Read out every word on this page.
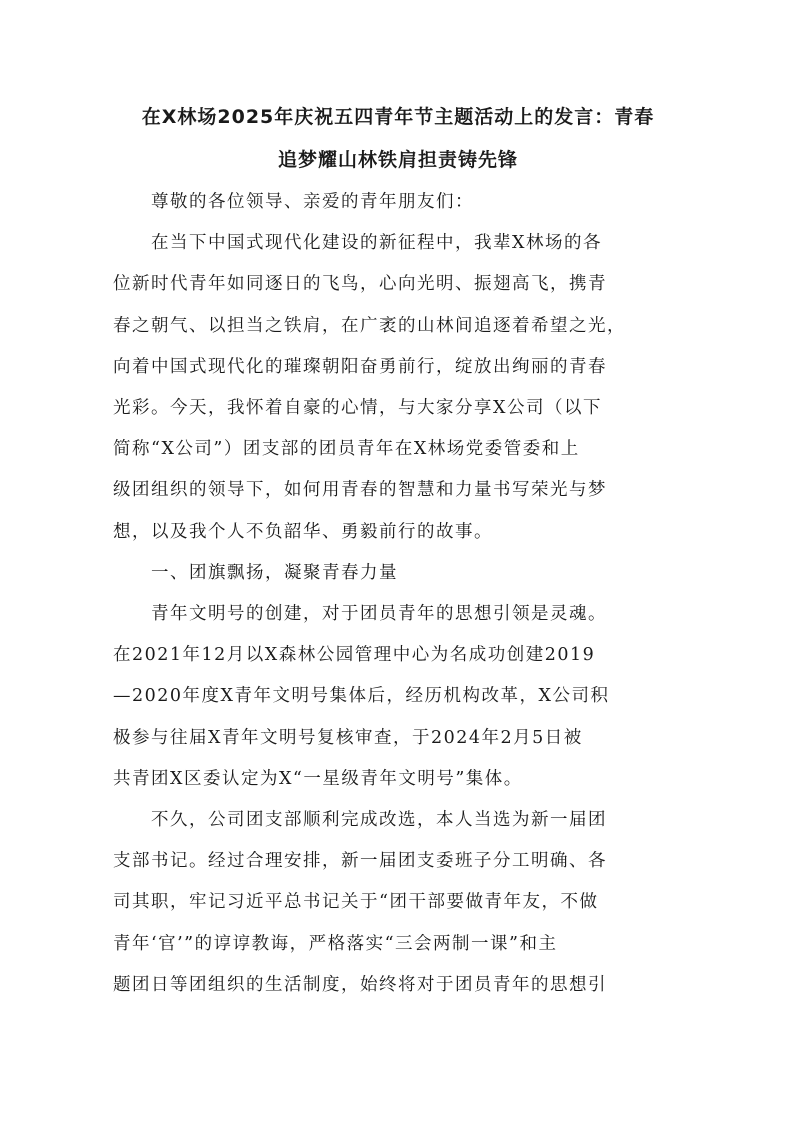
在X林场2025年庆祝五四青年节主题活动上的发言：青春
追梦耀山林铁肩担责铸先锋
尊敬的各位领导、亲爱的青年朋友们：
在当下中国式现代化建设的新征程中，我辈X林场的各
位新时代青年如同逐日的飞鸟，心向光明、振翅高飞，携青
春之朝气、以担当之铁肩，在广袤的山林间追逐着希望之光，
向着中国式现代化的璀璨朝阳奋勇前行，绽放出绚丽的青春
光彩。今天，我怀着自豪的心情，与大家分享X公司（以下
简称“X公司”）团支部的团员青年在X林场党委管委和上
级团组织的领导下，如何用青春的智慧和力量书写荣光与梦
想，以及我个人不负韶华、勇毅前行的故事。
一、团旗飘扬，凝聚青春力量
青年文明号的创建，对于团员青年的思想引领是灵魂。
在2021年12月以X森林公园管理中心为名成功创建2019
—2020年度X青年文明号集体后，经历机构改革，X公司积
极参与往届X青年文明号复核审查，于2024年2月5日被
共青团X区委认定为X“一星级青年文明号”集体。
不久，公司团支部顺利完成改选，本人当选为新一届团
支部书记。经过合理安排，新一届团支委班子分工明确、各
司其职，牢记习近平总书记关于“团干部要做青年友，不做
青年‘官’”的谆谆教诲，严格落实“三会两制一课”和主
题团日等团组织的生活制度，始终将对于团员青年的思想引
